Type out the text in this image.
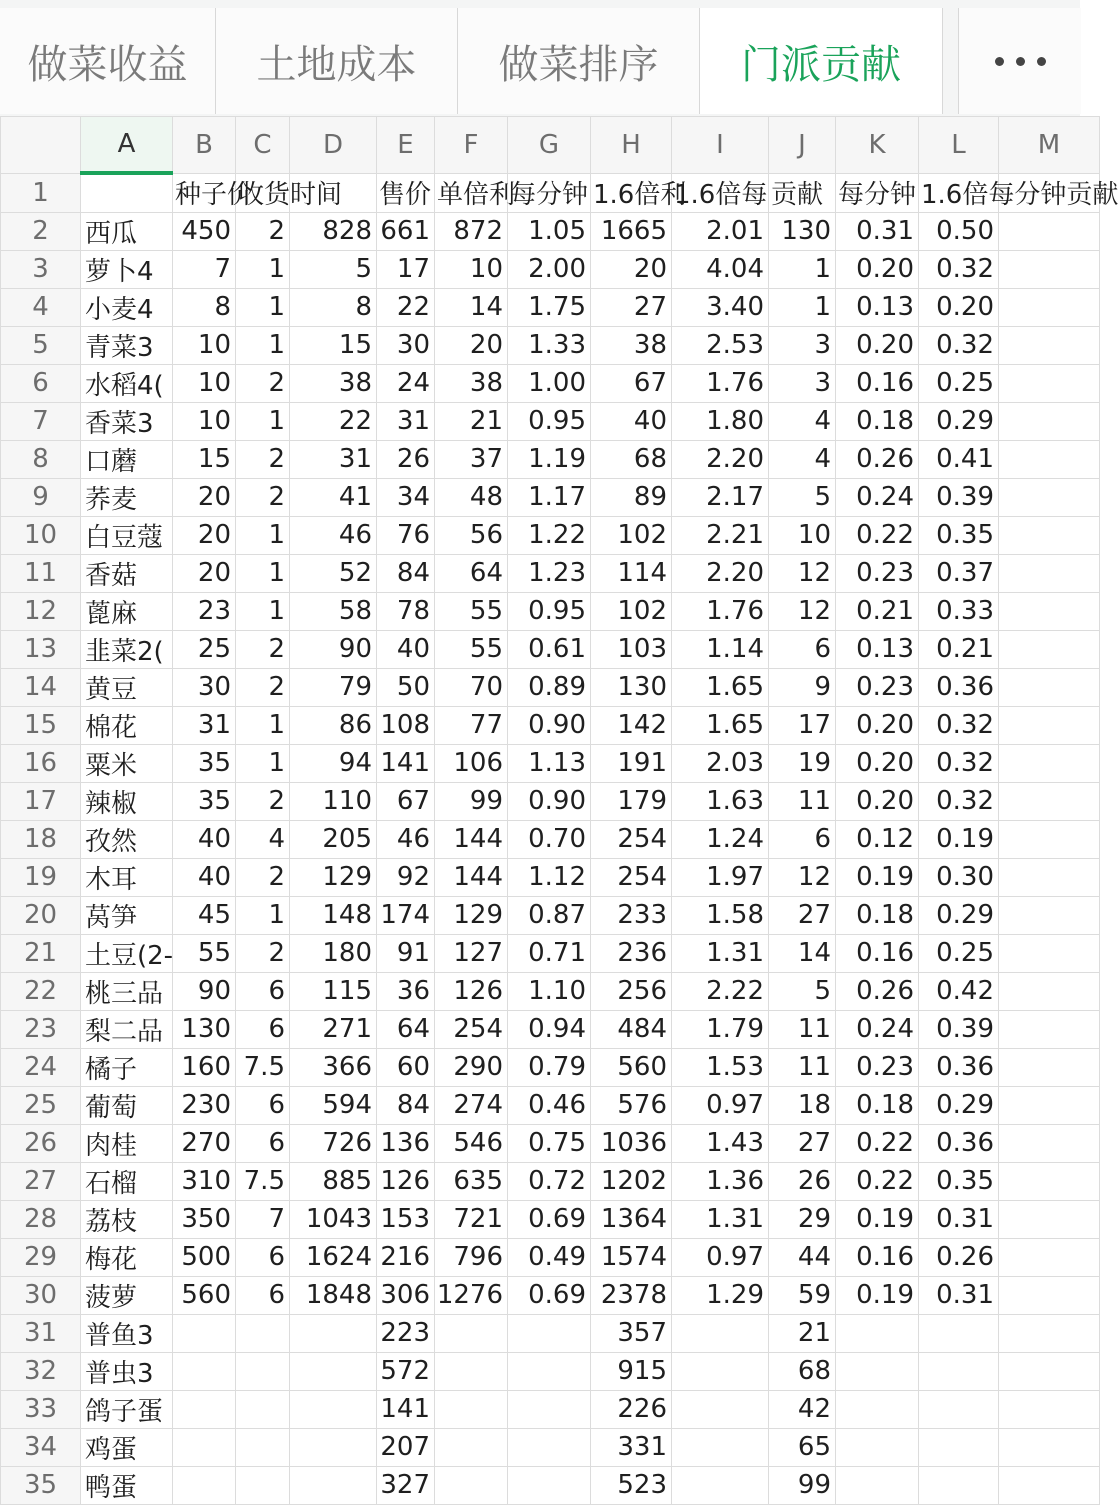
做菜收益	土地成本	做菜排序	门派贡献
	A	B	C	D	E	F	G	H	I	J	K	L	M	
1		种子价	收货时间		售价	单倍利	每分钟	1.6倍利	1.6倍每	贡献	每分钟	1.6倍每分钟贡献		
2	西瓜	450	2	828	661	872	1.05	1665	2.01	130	0.31	0.50		
3	萝卜4	7	1	5	17	10	2.00	20	4.04	1	0.20	0.32		
4	小麦4	8	1	8	22	14	1.75	27	3.40	1	0.13	0.20		
5	青菜3	10	1	15	30	20	1.33	38	2.53	3	0.20	0.32		
6	水稻4(	10	2	38	24	38	1.00	67	1.76	3	0.16	0.25		
7	香菜3	10	1	22	31	21	0.95	40	1.80	4	0.18	0.29		
8	口蘑	15	2	31	26	37	1.19	68	2.20	4	0.26	0.41		
9	荞麦	20	2	41	34	48	1.17	89	2.17	5	0.24	0.39		
10	白豆蔻	20	1	46	76	56	1.22	102	2.21	10	0.22	0.35		
11	香菇	20	1	52	84	64	1.23	114	2.20	12	0.23	0.37		
12	蓖麻	23	1	58	78	55	0.95	102	1.76	12	0.21	0.33		
13	韭菜2(	25	2	90	40	55	0.61	103	1.14	6	0.13	0.21		
14	黄豆	30	2	79	50	70	0.89	130	1.65	9	0.23	0.36		
15	棉花	31	1	86	108	77	0.90	142	1.65	17	0.20	0.32		
16	粟米	35	1	94	141	106	1.13	191	2.03	19	0.20	0.32		
17	辣椒	35	2	110	67	99	0.90	179	1.63	11	0.20	0.32		
18	孜然	40	4	205	46	144	0.70	254	1.24	6	0.12	0.19		
19	木耳	40	2	129	92	144	1.12	254	1.97	12	0.19	0.30		
20	莴笋	45	1	148	174	129	0.87	233	1.58	27	0.18	0.29		
21	土豆(2-	55	2	180	91	127	0.71	236	1.31	14	0.16	0.25		
22	桃三品	90	6	115	36	126	1.10	256	2.22	5	0.26	0.42		
23	梨二品	130	6	271	64	254	0.94	484	1.79	11	0.24	0.39		
24	橘子	160	7.5	366	60	290	0.79	560	1.53	11	0.23	0.36		
25	葡萄	230	6	594	84	274	0.46	576	0.97	18	0.18	0.29		
26	肉桂	270	6	726	136	546	0.75	1036	1.43	27	0.22	0.36		
27	石榴	310	7.5	885	126	635	0.72	1202	1.36	26	0.22	0.35		
28	荔枝	350	7	1043	153	721	0.69	1364	1.31	29	0.19	0.31		
29	梅花	500	6	1624	216	796	0.49	1574	0.97	44	0.16	0.26		
30	菠萝	560	6	1848	306	1276	0.69	2378	1.29	59	0.19	0.31		
31	普鱼3				223			357		21				
32	普虫3				572			915		68				
33	鸽子蛋				141			226		42				
34	鸡蛋				207			331		65				
35	鸭蛋				327			523		99				
